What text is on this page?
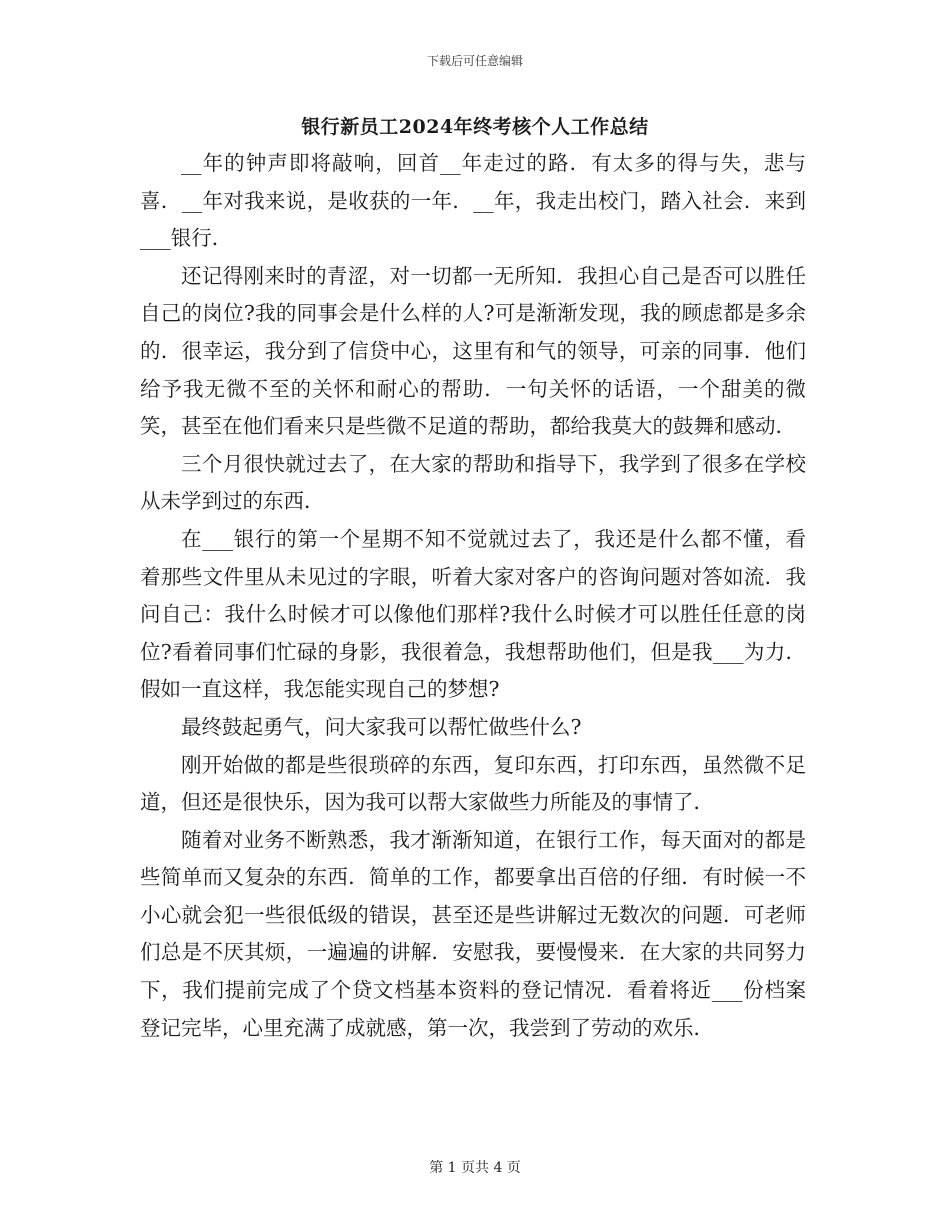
下载后可任意编辑
银行新员工2024年终考核个人工作总结

__年的钟声即将敲响，回首__年走过的路．有太多的得与失，悲与喜．__年对我来说，是收获的一年．__年，我走出校门，踏入社会．来到___银行．

还记得刚来时的青涩，对一切都一无所知．我担心自己是否可以胜任自己的岗位?我的同事会是什么样的人?可是渐渐发现，我的顾虑都是多余的．很幸运，我分到了信贷中心，这里有和气的领导，可亲的同事．他们给予我无微不至的关怀和耐心的帮助．一句关怀的话语，一个甜美的微笑，甚至在他们看来只是些微不足道的帮助，都给我莫大的鼓舞和感动．

三个月很快就过去了，在大家的帮助和指导下，我学到了很多在学校从未学到过的东西．

在___银行的第一个星期不知不觉就过去了，我还是什么都不懂，看着那些文件里从未见过的字眼，听着大家对客户的咨询问题对答如流．我问自己：我什么时候才可以像他们那样?我什么时候才可以胜任任意的岗位?看着同事们忙碌的身影，我很着急，我想帮助他们，但是我___为力．假如一直这样，我怎能实现自己的梦想?

最终鼓起勇气，问大家我可以帮忙做些什么?

刚开始做的都是些很琐碎的东西，复印东西，打印东西，虽然微不足道，但还是很快乐，因为我可以帮大家做些力所能及的事情了．

随着对业务不断熟悉，我才渐渐知道，在银行工作，每天面对的都是些简单而又复杂的东西．简单的工作，都要拿出百倍的仔细．有时候一不小心就会犯一些很低级的错误，甚至还是些讲解过无数次的问题．可老师们总是不厌其烦，一遍遍的讲解．安慰我，要慢慢来．在大家的共同努力下，我们提前完成了个贷文档基本资料的登记情况．看着将近___份档案登记完毕，心里充满了成就感，第一次，我尝到了劳动的欢乐．

第 1 页共 4 页
